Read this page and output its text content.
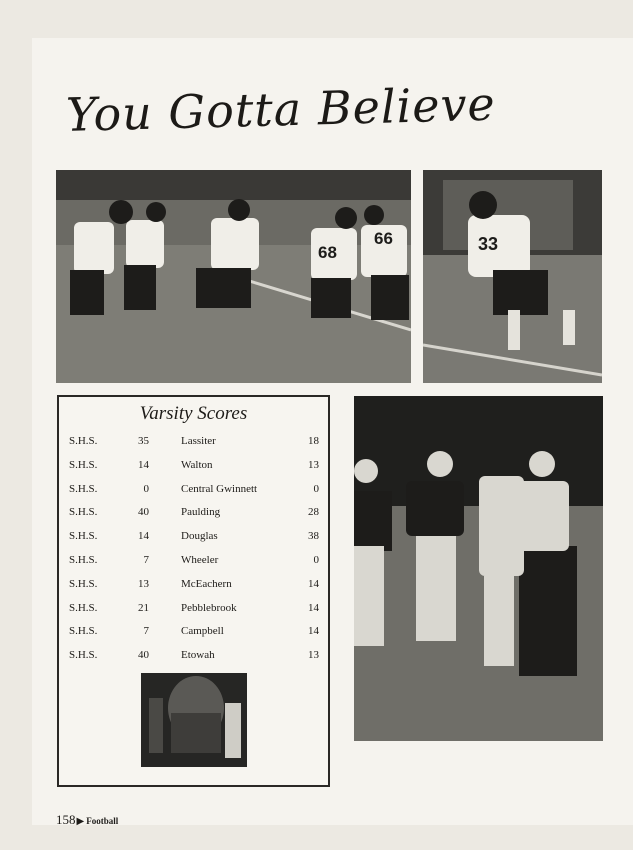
You Gotta Believe
68
66	33
Varsity Scores
S.H.S.	35	Lassiter	18
S.H.S.	14	Walton	13
S.H.S.	0	Central Gwinnett	0
S.H.S.	40	Paulding	28
S.H.S.	14	Douglas	38
S.H.S.	7	Wheeler	0
S.H.S.	13	McEachern	14
S.H.S.	21	Pebblebrook	14
S.H.S.	7	Campbell	14
S.H.S.	40	Etowah	13
158▶ Football
